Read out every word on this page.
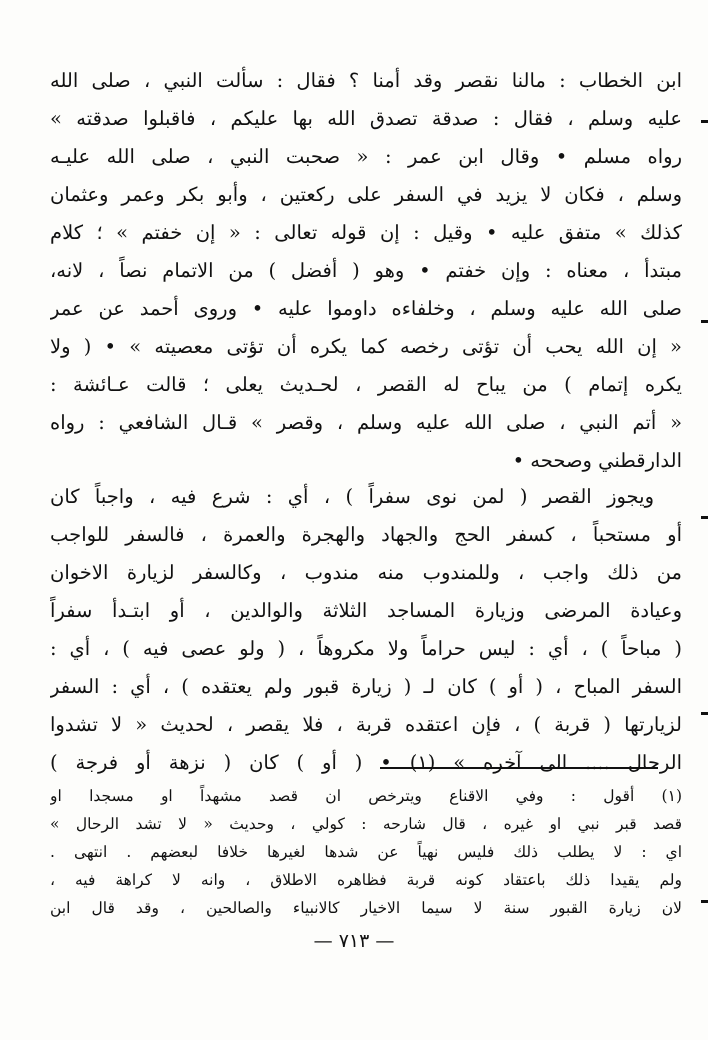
ابن الخطاب : مالنا نقصر وقد أمنا ؟ فقال : سألت النبي ، صلى الله
عليه وسلم ، فقال : صدقة تصدق الله بها عليكم ، فاقبلوا صدقته »
رواه مسلم • وقال ابن عمر : « صحبت النبي ، صلى الله عليـه
وسلم ، فكان لا يزيد في السفر على ركعتين ، وأبو بكر وعمر وعثمان
كذلك » متفق عليه • وقيل : إن قوله تعالى : « إن خفتم » ؛ كلام
مبتدأ ، معناه : وإن خفتم • وهو ( أفضل ) من الاتمام نصاً ، لانه،
صلى الله عليه وسلم ، وخلفاءه داوموا عليه • وروى أحمد عن عمر
« إن الله يحب أن تؤتى رخصه كما يكره أن تؤتى معصيته » • ( ولا
يكره إتمام ) من يباح له القصر ، لحـديث يعلى ؛ قالت عـائشة :
« أتم النبي ، صلى الله عليه وسلم ، وقصر » قـال الشافعي : رواه
الدارقطني وصححه •
ويجوز القصر ( لمن نوى سفراً ) ، أي : شرع فيه ، واجباً كان
أو مستحباً ، كسفر الحج والجهاد والهجرة والعمرة ، فالسفر للواجب
من ذلك واجب ، وللمندوب منه مندوب ، وكالسفر لزيارة الاخوان
وعيادة المرضى وزيارة المساجد الثلاثة والوالدين ، أو ابتـدأ سفراً
( مباحاً ) ، أي : ليس حراماً ولا مكروهاً ، ( ولو عصى فيه ) ، أي :
السفر المباح ، ( أو ) كان لـ ( زيارة قبور ولم يعتقده ) ، أي : السفر
لزيارتها ( قربة ) ، فإن اعتقده قربة ، فلا يقصر ، لحديث « لا تشدوا
الرحال .... الى آخره » (١) • ( أو ) كان ( نزهة أو فرجة )
(١) أقول : وفي الاقناع ويترخص ان قصد مشهداً او مسجدا او
قصد قبر نبي او غيره ، قال شارحه : كولي ، وحديث « لا تشد الرحال »
اي : لا يطلب ذلك فليس نهياً عن شدها لغيرها خلافا لبعضهم . انتهى .
ولم يقيدا ذلك باعتقاد كونه قربة فظاهره الاطلاق ، وانه لا كراهة فيه ،
لان زيارة القبور سنة لا سيما الاخيار كالانبياء والصالحين ، وقد قال ابن
— ٧١٣ —
